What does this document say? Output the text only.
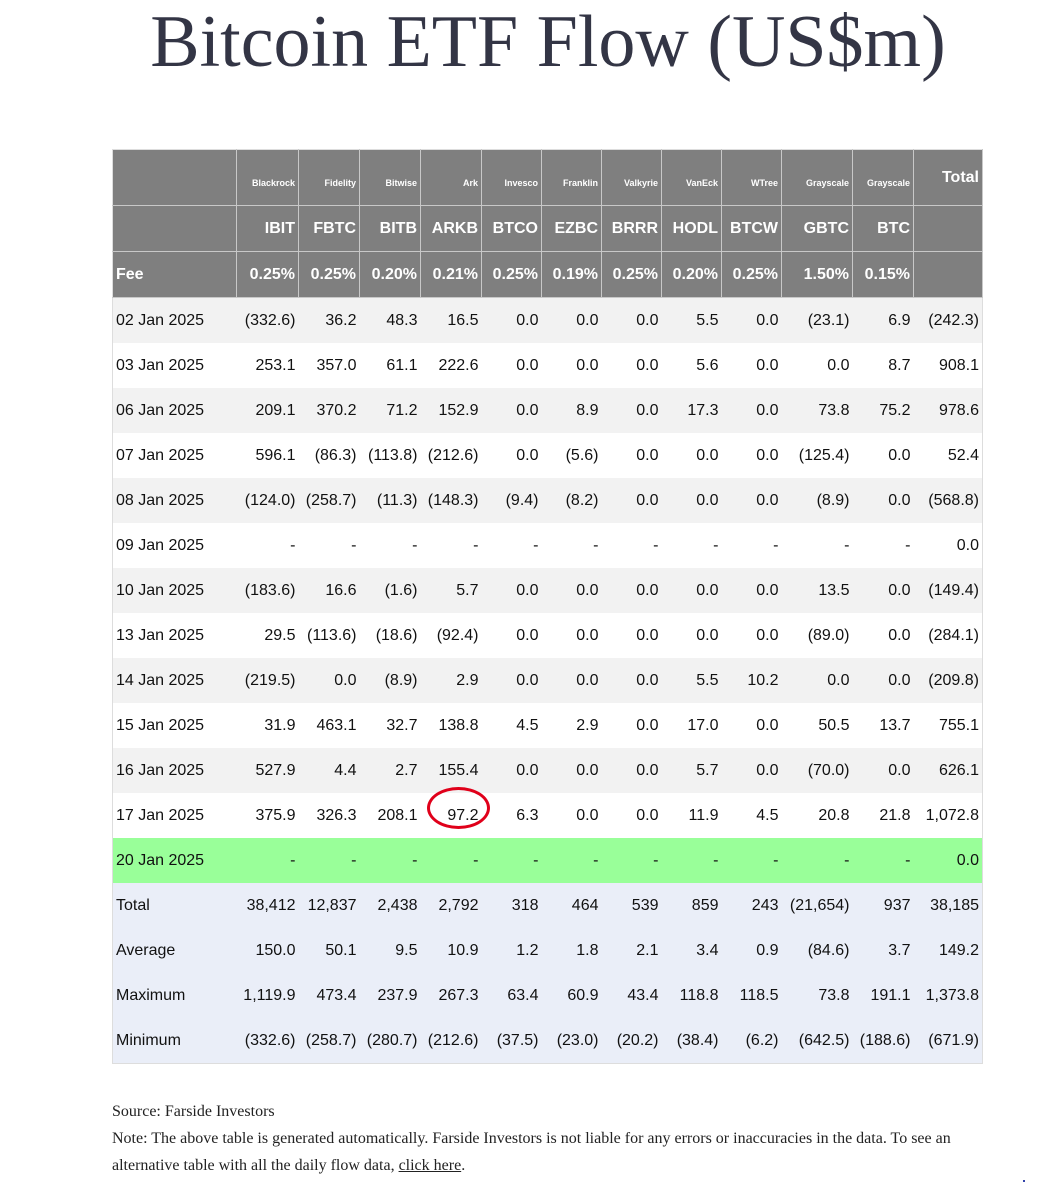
Bitcoin ETF Flow (US$m)
	Blackrock	Fidelity	Bitwise	Ark	Invesco	Franklin	Valkyrie	VanEck	WTree	Grayscale	Grayscale	Total
	IBIT	FBTC	BITB	ARKB	BTCO	EZBC	BRRR	HODL	BTCW	GBTC	BTC	
Fee	0.25%	0.25%	0.20%	0.21%	0.25%	0.19%	0.25%	0.20%	0.25%	1.50%	0.15%	
02 Jan 2025	(332.6)	36.2	48.3	16.5	0.0	0.0	0.0	5.5	0.0	(23.1)	6.9	(242.3)
03 Jan 2025	253.1	357.0	61.1	222.6	0.0	0.0	0.0	5.6	0.0	0.0	8.7	908.1
06 Jan 2025	209.1	370.2	71.2	152.9	0.0	8.9	0.0	17.3	0.0	73.8	75.2	978.6
07 Jan 2025	596.1	(86.3)	(113.8)	(212.6)	0.0	(5.6)	0.0	0.0	0.0	(125.4)	0.0	52.4
08 Jan 2025	(124.0)	(258.7)	(11.3)	(148.3)	(9.4)	(8.2)	0.0	0.0	0.0	(8.9)	0.0	(568.8)
09 Jan 2025	-	-	-	-	-	-	-	-	-	-	-	0.0
10 Jan 2025	(183.6)	16.6	(1.6)	5.7	0.0	0.0	0.0	0.0	0.0	13.5	0.0	(149.4)
13 Jan 2025	29.5	(113.6)	(18.6)	(92.4)	0.0	0.0	0.0	0.0	0.0	(89.0)	0.0	(284.1)
14 Jan 2025	(219.5)	0.0	(8.9)	2.9	0.0	0.0	0.0	5.5	10.2	0.0	0.0	(209.8)
15 Jan 2025	31.9	463.1	32.7	138.8	4.5	2.9	0.0	17.0	0.0	50.5	13.7	755.1
16 Jan 2025	527.9	4.4	2.7	155.4	0.0	0.0	0.0	5.7	0.0	(70.0)	0.0	626.1
17 Jan 2025	375.9	326.3	208.1	97.2	6.3	0.0	0.0	11.9	4.5	20.8	21.8	1,072.8
20 Jan 2025	-	-	-	-	-	-	-	-	-	-	-	0.0
Total	38,412	12,837	2,438	2,792	318	464	539	859	243	(21,654)	937	38,185
Average	150.0	50.1	9.5	10.9	1.2	1.8	2.1	3.4	0.9	(84.6)	3.7	149.2
Maximum	1,119.9	473.4	237.9	267.3	63.4	60.9	43.4	118.8	118.5	73.8	191.1	1,373.8
Minimum	(332.6)	(258.7)	(280.7)	(212.6)	(37.5)	(23.0)	(20.2)	(38.4)	(6.2)	(642.5)	(188.6)	(671.9)
Source: Farside Investors
Note: The above table is generated automatically. Farside Investors is not liable for any errors or inaccuracies in the data. To see an alternative table with all the daily flow data, click here.
